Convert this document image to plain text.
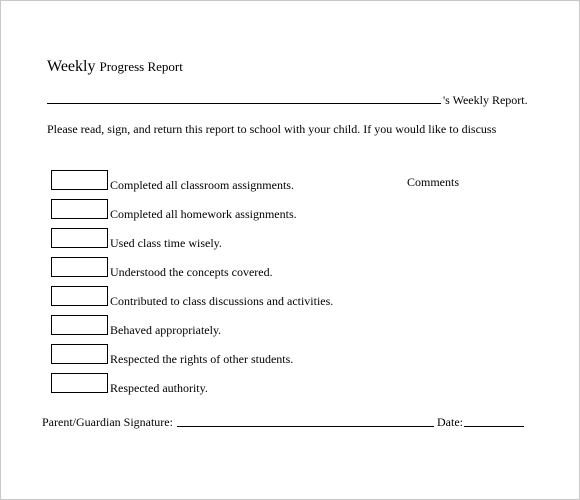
Weekly Progress Report
's Weekly Report.
Please read, sign, and return this report to school with your child. If you would like to discuss
Comments
Completed all classroom assignments.
Completed all homework assignments.
Used class time wisely.
Understood the concepts covered.
Contributed to class discussions and activities.
Behaved appropriately.
Respected the rights of other students.
Respected authority.
Parent/Guardian Signature:	Date:
